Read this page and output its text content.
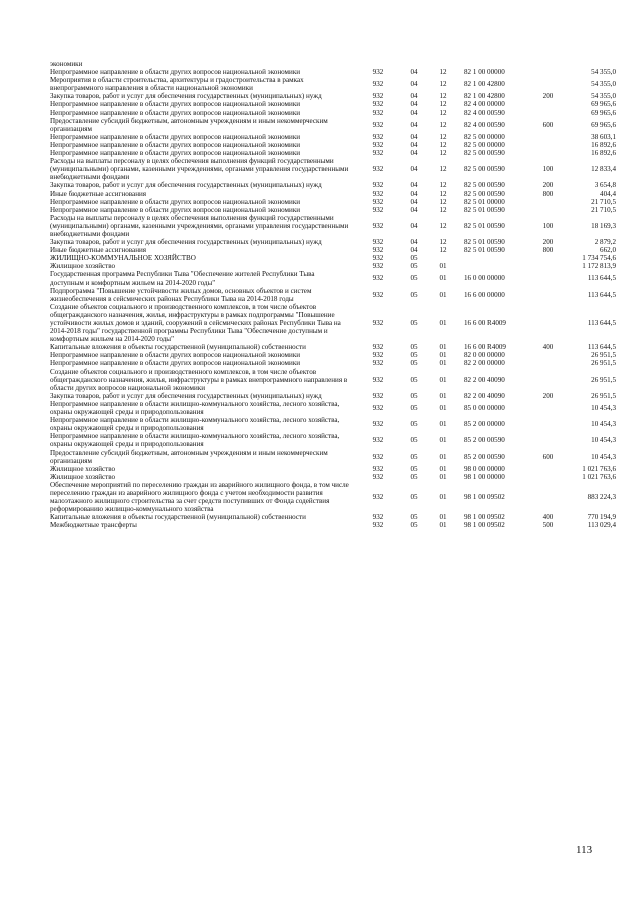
экономики						
Непрограммное направление в области других вопросов национальной экономики	932	04	12	82 1 00 00000		54 355,0
Мероприятия в области строительства, архитектуры и градостроительства в рамках внепрограммного направления в области национальной экономики	932	04	12	82 1 00 42800		54 355,0
Закупка товаров, работ и услуг для обеспечения государственных (муниципальных) нужд	932	04	12	82 1 00 42800	200	54 355,0
Непрограммное направление в области других вопросов национальной экономики	932	04	12	82 4 00 00000		69 965,6
Непрограммное направление в области других вопросов национальной экономики	932	04	12	82 4 00 00590		69 965,6
Предоставление субсидий бюджетным, автономным учреждениям и иным некоммерческим организациям	932	04	12	82 4 00 00590	600	69 965,6
Непрограммное направление в области других вопросов национальной экономики	932	04	12	82 5 00 00000		38 603,1
Непрограммное направление в области других вопросов национальной экономики	932	04	12	82 5 00 00000		16 892,6
Непрограммное направление в области других вопросов национальной экономики	932	04	12	82 5 00 00590		16 892,6
Расходы на выплаты персоналу в целях обеспечения выполнения функций государственными (муниципальными) органами, казенными учреждениями, органами управления государственными внебюджетными фондами	932	04	12	82 5 00 00590	100	12 833,4
Закупка товаров, работ и услуг для обеспечения государственных (муниципальных) нужд	932	04	12	82 5 00 00590	200	3 654,8
Иные бюджетные ассигнования	932	04	12	82 5 00 00590	800	404,4
Непрограммное направление в области других вопросов национальной экономики	932	04	12	82 5 01 00000		21 710,5
Непрограммное направление в области других вопросов национальной экономики	932	04	12	82 5 01 00590		21 710,5
Расходы на выплаты персоналу в целях обеспечения выполнения функций государственными (муниципальными) органами, казенными учреждениями, органами управления государственными внебюджетными фондами	932	04	12	82 5 01 00590	100	18 169,3
Закупка товаров, работ и услуг для обеспечения государственных (муниципальных) нужд	932	04	12	82 5 01 00590	200	2 879,2
Иные бюджетные ассигнования	932	04	12	82 5 01 00590	800	662,0
ЖИЛИЩНО-КОММУНАЛЬНОЕ ХОЗЯЙСТВО	932	05				1 734 754,6
Жилищное хозяйство	932	05	01			1 172 813,9
Государственная программа Республики Тыва "Обеспечение жителей Республики Тыва доступным и комфортным жильем на 2014-2020 годы"	932	05	01	16 0 00 00000		113 644,5
Подпрограмма "Повышение устойчивости жилых домов, основных объектов и систем жизнеобеспечения в сейсмических районах Республики Тыва на 2014-2018 годы	932	05	01	16 6 00 00000		113 644,5
Создание объектов социального и производственного комплексов, в том числе объектов общегражданского назначения, жилья, инфраструктуры в рамках подпрограммы "Повышение устойчивости жилых домов и зданий, сооружений в сейсмических районах Республики Тыва на 2014-2018 годы" государственной программы Республики Тыва "Обеспечение доступным и комфортным жильем на 2014-2020 годы"	932	05	01	16 6 00 R4009		113 644,5
Капитальные вложения в объекты государственной (муниципальной) собственности	932	05	01	16 6 00 R4009	400	113 644,5
Непрограммное направление в области других вопросов национальной экономики	932	05	01	82 0 00 00000		26 951,5
Непрограммное направление в области других вопросов национальной экономики	932	05	01	82 2 00 00000		26 951,5
Создание объектов социального и производственного комплексов, в том числе объектов общегражданского назначения, жилья, инфраструктуры в рамках внепрограммного направления в области других вопросов национальной экономики	932	05	01	82 2 00 40090		26 951,5
Закупка товаров, работ и услуг для обеспечения государственных (муниципальных) нужд	932	05	01	82 2 00 40090	200	26 951,5
Непрограммное направление в области жилищно-коммунального хозяйства, лесного хозяйства, охраны окружающей среды и природопользования	932	05	01	85 0 00 00000		10 454,3
Непрограммное направление в области жилищно-коммунального хозяйства, лесного хозяйства, охраны окружающей среды и природопользования	932	05	01	85 2 00 00000		10 454,3
Непрограммное направление в области жилищно-коммунального хозяйства, лесного хозяйства, охраны окружающей среды и природопользования	932	05	01	85 2 00 00590		10 454,3
Предоставление субсидий бюджетным, автономным учреждениям и иным некоммерческим организациям	932	05	01	85 2 00 00590	600	10 454,3
Жилищное хозяйство	932	05	01	98 0 00 00000		1 021 763,6
Жилищное хозяйство	932	05	01	98 1 00 00000		1 021 763,6
Обеспечение мероприятий по переселению граждан из аварийного жилищного фонда, в том числе переселению граждан из аварийного жилищного фонда с учетом необходимости развития малоэтажного жилищного строительства за счет средств поступивших от Фонда содействия реформированию жилищно-коммунального хозяйства	932	05	01	98 1 00 09502		883 224,3
Капитальные вложения в объекты государственной (муниципальной) собственности	932	05	01	98 1 00 09502	400	770 194,9
Межбюджетные трансферты	932	05	01	98 1 00 09502	500	113 029,4
113
